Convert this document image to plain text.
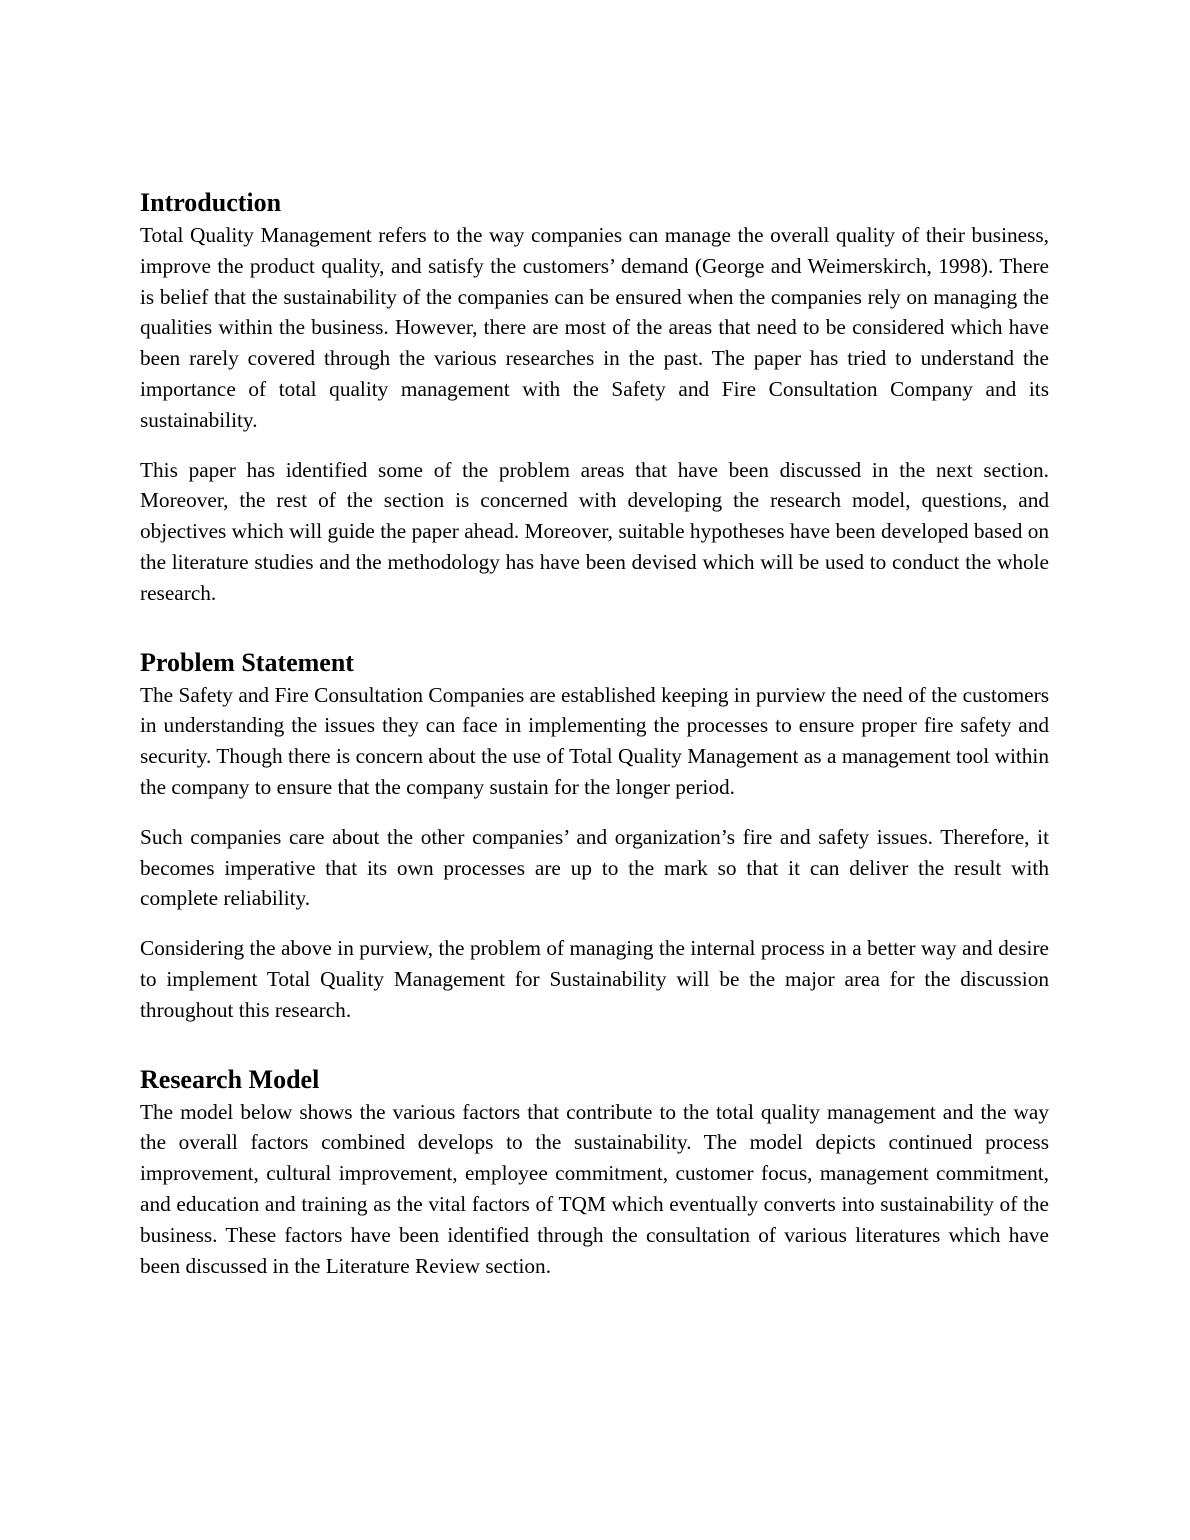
Introduction

Total Quality Management refers to the way companies can manage the overall quality of their business, improve the product quality, and satisfy the customers’ demand (George and Weimerskirch, 1998). There is belief that the sustainability of the companies can be ensured when the companies rely on managing the qualities within the business. However, there are most of the areas that need to be considered which have been rarely covered through the various researches in the past. The paper has tried to understand the importance of total quality management with the Safety and Fire Consultation Company and its sustainability.

This paper has identified some of the problem areas that have been discussed in the next section. Moreover, the rest of the section is concerned with developing the research model, questions, and objectives which will guide the paper ahead. Moreover, suitable hypotheses have been developed based on the literature studies and the methodology has have been devised which will be used to conduct the whole research.

Problem Statement

The Safety and Fire Consultation Companies are established keeping in purview the need of the customers in understanding the issues they can face in implementing the processes to ensure proper fire safety and security. Though there is concern about the use of Total Quality Management as a management tool within the company to ensure that the company sustain for the longer period.

Such companies care about the other companies’ and organization’s fire and safety issues. Therefore, it becomes imperative that its own processes are up to the mark so that it can deliver the result with complete reliability.

Considering the above in purview, the problem of managing the internal process in a better way and desire to implement Total Quality Management for Sustainability will be the major area for the discussion throughout this research.

Research Model

The model below shows the various factors that contribute to the total quality management and the way the overall factors combined develops to the sustainability. The model depicts continued process improvement, cultural improvement, employee commitment, customer focus, management commitment, and education and training as the vital factors of TQM which eventually converts into sustainability of the business. These factors have been identified through the consultation of various literatures which have been discussed in the Literature Review section.
